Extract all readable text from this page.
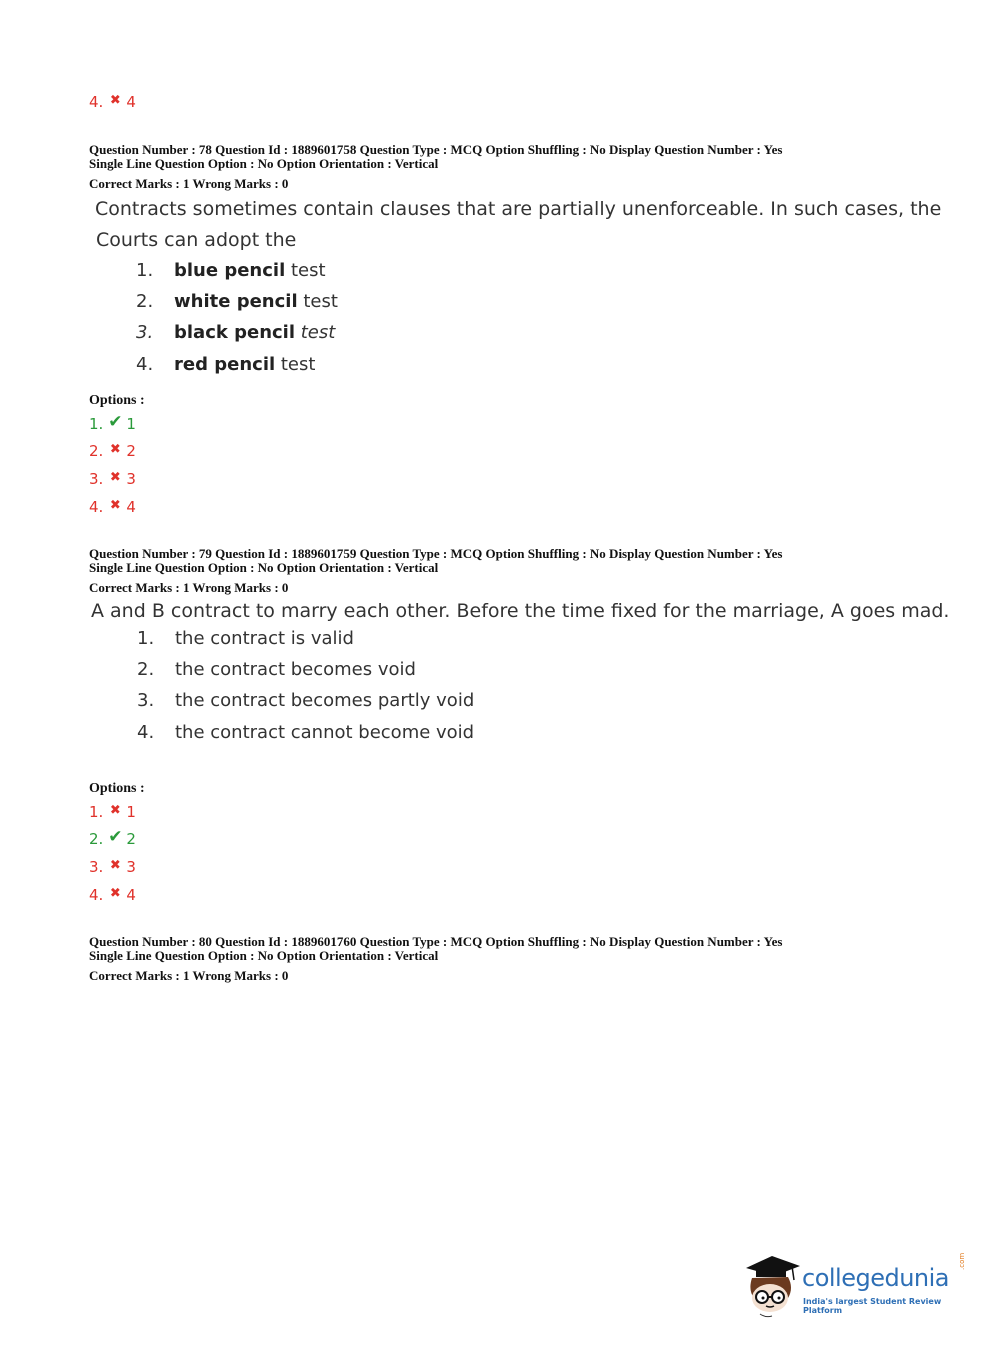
4. ✖ 4
Question Number : 78 Question Id : 1889601758 Question Type : MCQ Option Shuffling : No Display Question Number : Yes
Single Line Question Option : No Option Orientation : Vertical
Correct Marks : 1 Wrong Marks : 0
Contracts sometimes contain clauses that are partially unenforceable. In such cases, the
Courts can adopt the
1. blue pencil test
2. white pencil test
3. black pencil test
4. red pencil test
Options :
1. ✔ 1
2. ✖ 2
3. ✖ 3
4. ✖ 4
Question Number : 79 Question Id : 1889601759 Question Type : MCQ Option Shuffling : No Display Question Number : Yes
Single Line Question Option : No Option Orientation : Vertical
Correct Marks : 1 Wrong Marks : 0
A and B contract to marry each other. Before the time fixed for the marriage, A goes mad.
1. the contract is valid
2. the contract becomes void
3. the contract becomes partly void
4. the contract cannot become void
Options :
1. ✖ 1
2. ✔ 2
3. ✖ 3
4. ✖ 4
Question Number : 80 Question Id : 1889601760 Question Type : MCQ Option Shuffling : No Display Question Number : Yes
Single Line Question Option : No Option Orientation : Vertical
Correct Marks : 1 Wrong Marks : 0
collegedunia
.com
India's largest Student Review Platform
